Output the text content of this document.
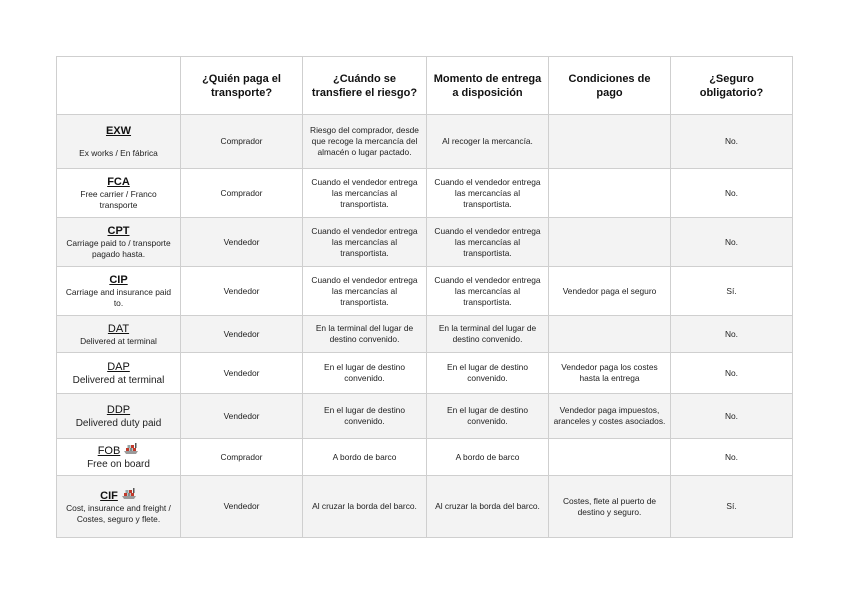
	¿Quién paga el transporte?	¿Cuándo se transfiere el riesgo?	Momento de entrega a disposición	Condiciones de pago	¿Seguro obligatorio?

EXW
Ex works / En fábrica	Comprador	Riesgo del comprador, desde que recoge la mercancía del almacén o lugar pactado.	Al recoger la mercancía.		No.

FCA
Free carrier / Franco transporte	Comprador	Cuando el vendedor entrega las mercancías al transportista.	Cuando el vendedor entrega las mercancías al transportista.		No.

CPT
Carriage paid to / transporte pagado hasta.	Vendedor	Cuando el vendedor entrega las mercancías al transportista.	Cuando el vendedor entrega las mercancías al transportista.		No.

CIP
Carriage and insurance paid to.	Vendedor	Cuando el vendedor entrega las mercancías al transportista.	Cuando el vendedor entrega las mercancías al transportista.	Vendedor paga el seguro	Sí.

DAT
Delivered at terminal	Vendedor	En la terminal del lugar de destino convenido.	En la terminal del lugar de destino convenido.		No.

DAP
Delivered at terminal	Vendedor	En el lugar de destino convenido.	En el lugar de destino convenido.	Vendedor paga los costes hasta la entrega	No.

DDP
Delivered duty paid	Vendedor	En el lugar de destino convenido.	En el lugar de destino convenido.	Vendedor paga impuestos, aranceles y costes asociados.	No.

FOB
Free on board	Comprador	A bordo de barco	A bordo de barco		No.

CIF
Cost, insurance and freight / Costes, seguro y flete.	Vendedor	Al cruzar la borda del barco.	Al cruzar la borda del barco.	Costes, flete al puerto de destino y seguro.	Sí.
